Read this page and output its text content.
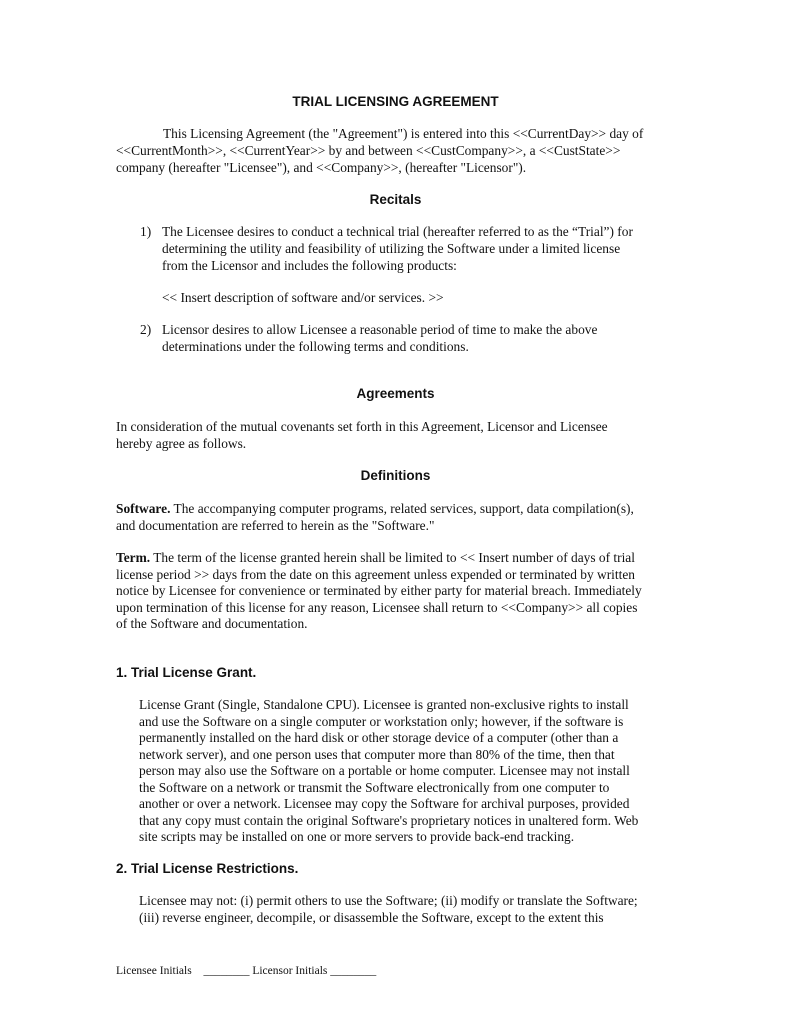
TRIAL LICENSING AGREEMENT
This Licensing Agreement (the "Agreement") is entered into this <<CurrentDay>> day of
<<CurrentMonth>>, <<CurrentYear>> by and between <<CustCompany>>, a <<CustState>>
company (hereafter "Licensee"), and <<Company>>, (hereafter "Licensor").
Recitals
1) The Licensee desires to conduct a technical trial (hereafter referred to as the “Trial”) for
determining the utility and feasibility of utilizing the Software under a limited license
from the Licensor and includes the following products:
<< Insert description of software and/or services. >>
2) Licensor desires to allow Licensee a reasonable period of time to make the above
determinations under the following terms and conditions.
Agreements
In consideration of the mutual covenants set forth in this Agreement, Licensor and Licensee
hereby agree as follows.
Definitions
Software. The accompanying computer programs, related services, support, data compilation(s),
and documentation are referred to herein as the "Software."
Term. The term of the license granted herein shall be limited to << Insert number of days of trial
license period >> days from the date on this agreement unless expended or terminated by written
notice by Licensee for convenience or terminated by either party for material breach. Immediately
upon termination of this license for any reason, Licensee shall return to <<Company>> all copies
of the Software and documentation.
1. Trial License Grant.
License Grant (Single, Standalone CPU). Licensee is granted non-exclusive rights to install
and use the Software on a single computer or workstation only; however, if the software is
permanently installed on the hard disk or other storage device of a computer (other than a
network server), and one person uses that computer more than 80% of the time, then that
person may also use the Software on a portable or home computer. Licensee may not install
the Software on a network or transmit the Software electronically from one computer to
another or over a network. Licensee may copy the Software for archival purposes, provided
that any copy must contain the original Software's proprietary notices in unaltered form. Web
site scripts may be installed on one or more servers to provide back-end tracking.
2. Trial License Restrictions.
Licensee may not: (i) permit others to use the Software; (ii) modify or translate the Software;
(iii) reverse engineer, decompile, or disassemble the Software, except to the extent this
Licensee Initials ________ Licensor Initials ________
